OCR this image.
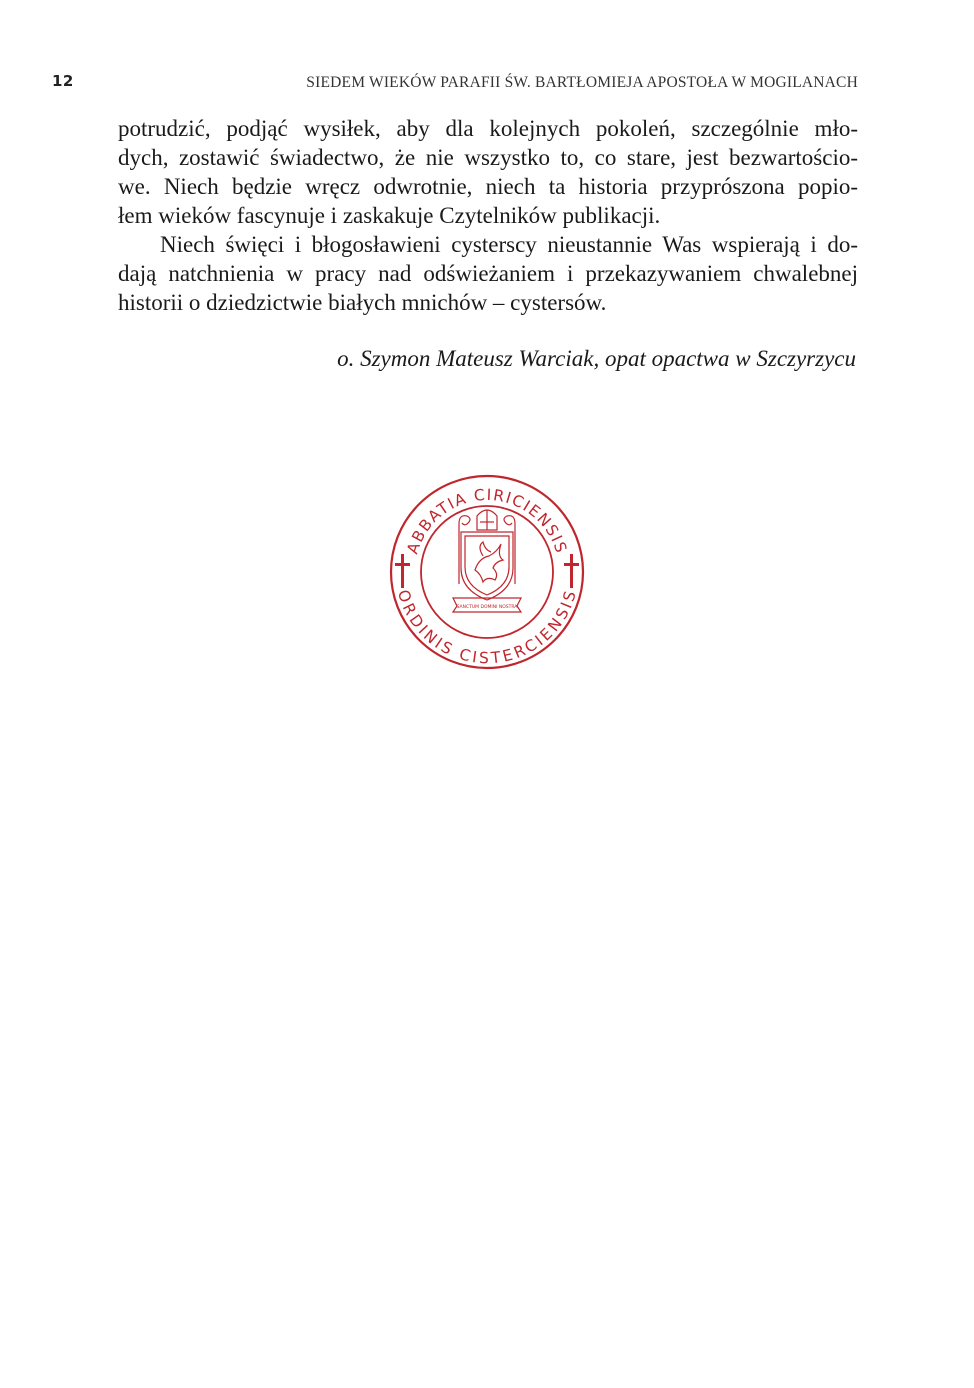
12	SIEDEM WIEKÓW PARAFII ŚW. BARTŁOMIEJA APOSTOŁA W MOGILANACH
potrudzić, podjąć wysiłek, aby dla kolejnych pokoleń, szczególnie mło-
dych, zostawić świadectwo, że nie wszystko to, co stare, jest bezwartościo-
we. Niech będzie wręcz odwrotnie, niech ta historia przyprószona popio-
łem wieków fascynuje i zaskakuje Czytelników publikacji.
Niech święci i błogosławieni cysterscy nieustannie Was wspierają i do-
dają natchnienia w pracy nad odświeżaniem i przekazywaniem chwalebnej
historii o dziedzictwie białych mnichów – cystersów.
o. Szymon Mateusz Warciak, opat opactwa w Szczyrzycu
ABBATIA CIRICIENSIS
ORDINIS CISTERCIENSIS
SANCTUM DOMINI NOSTRA
